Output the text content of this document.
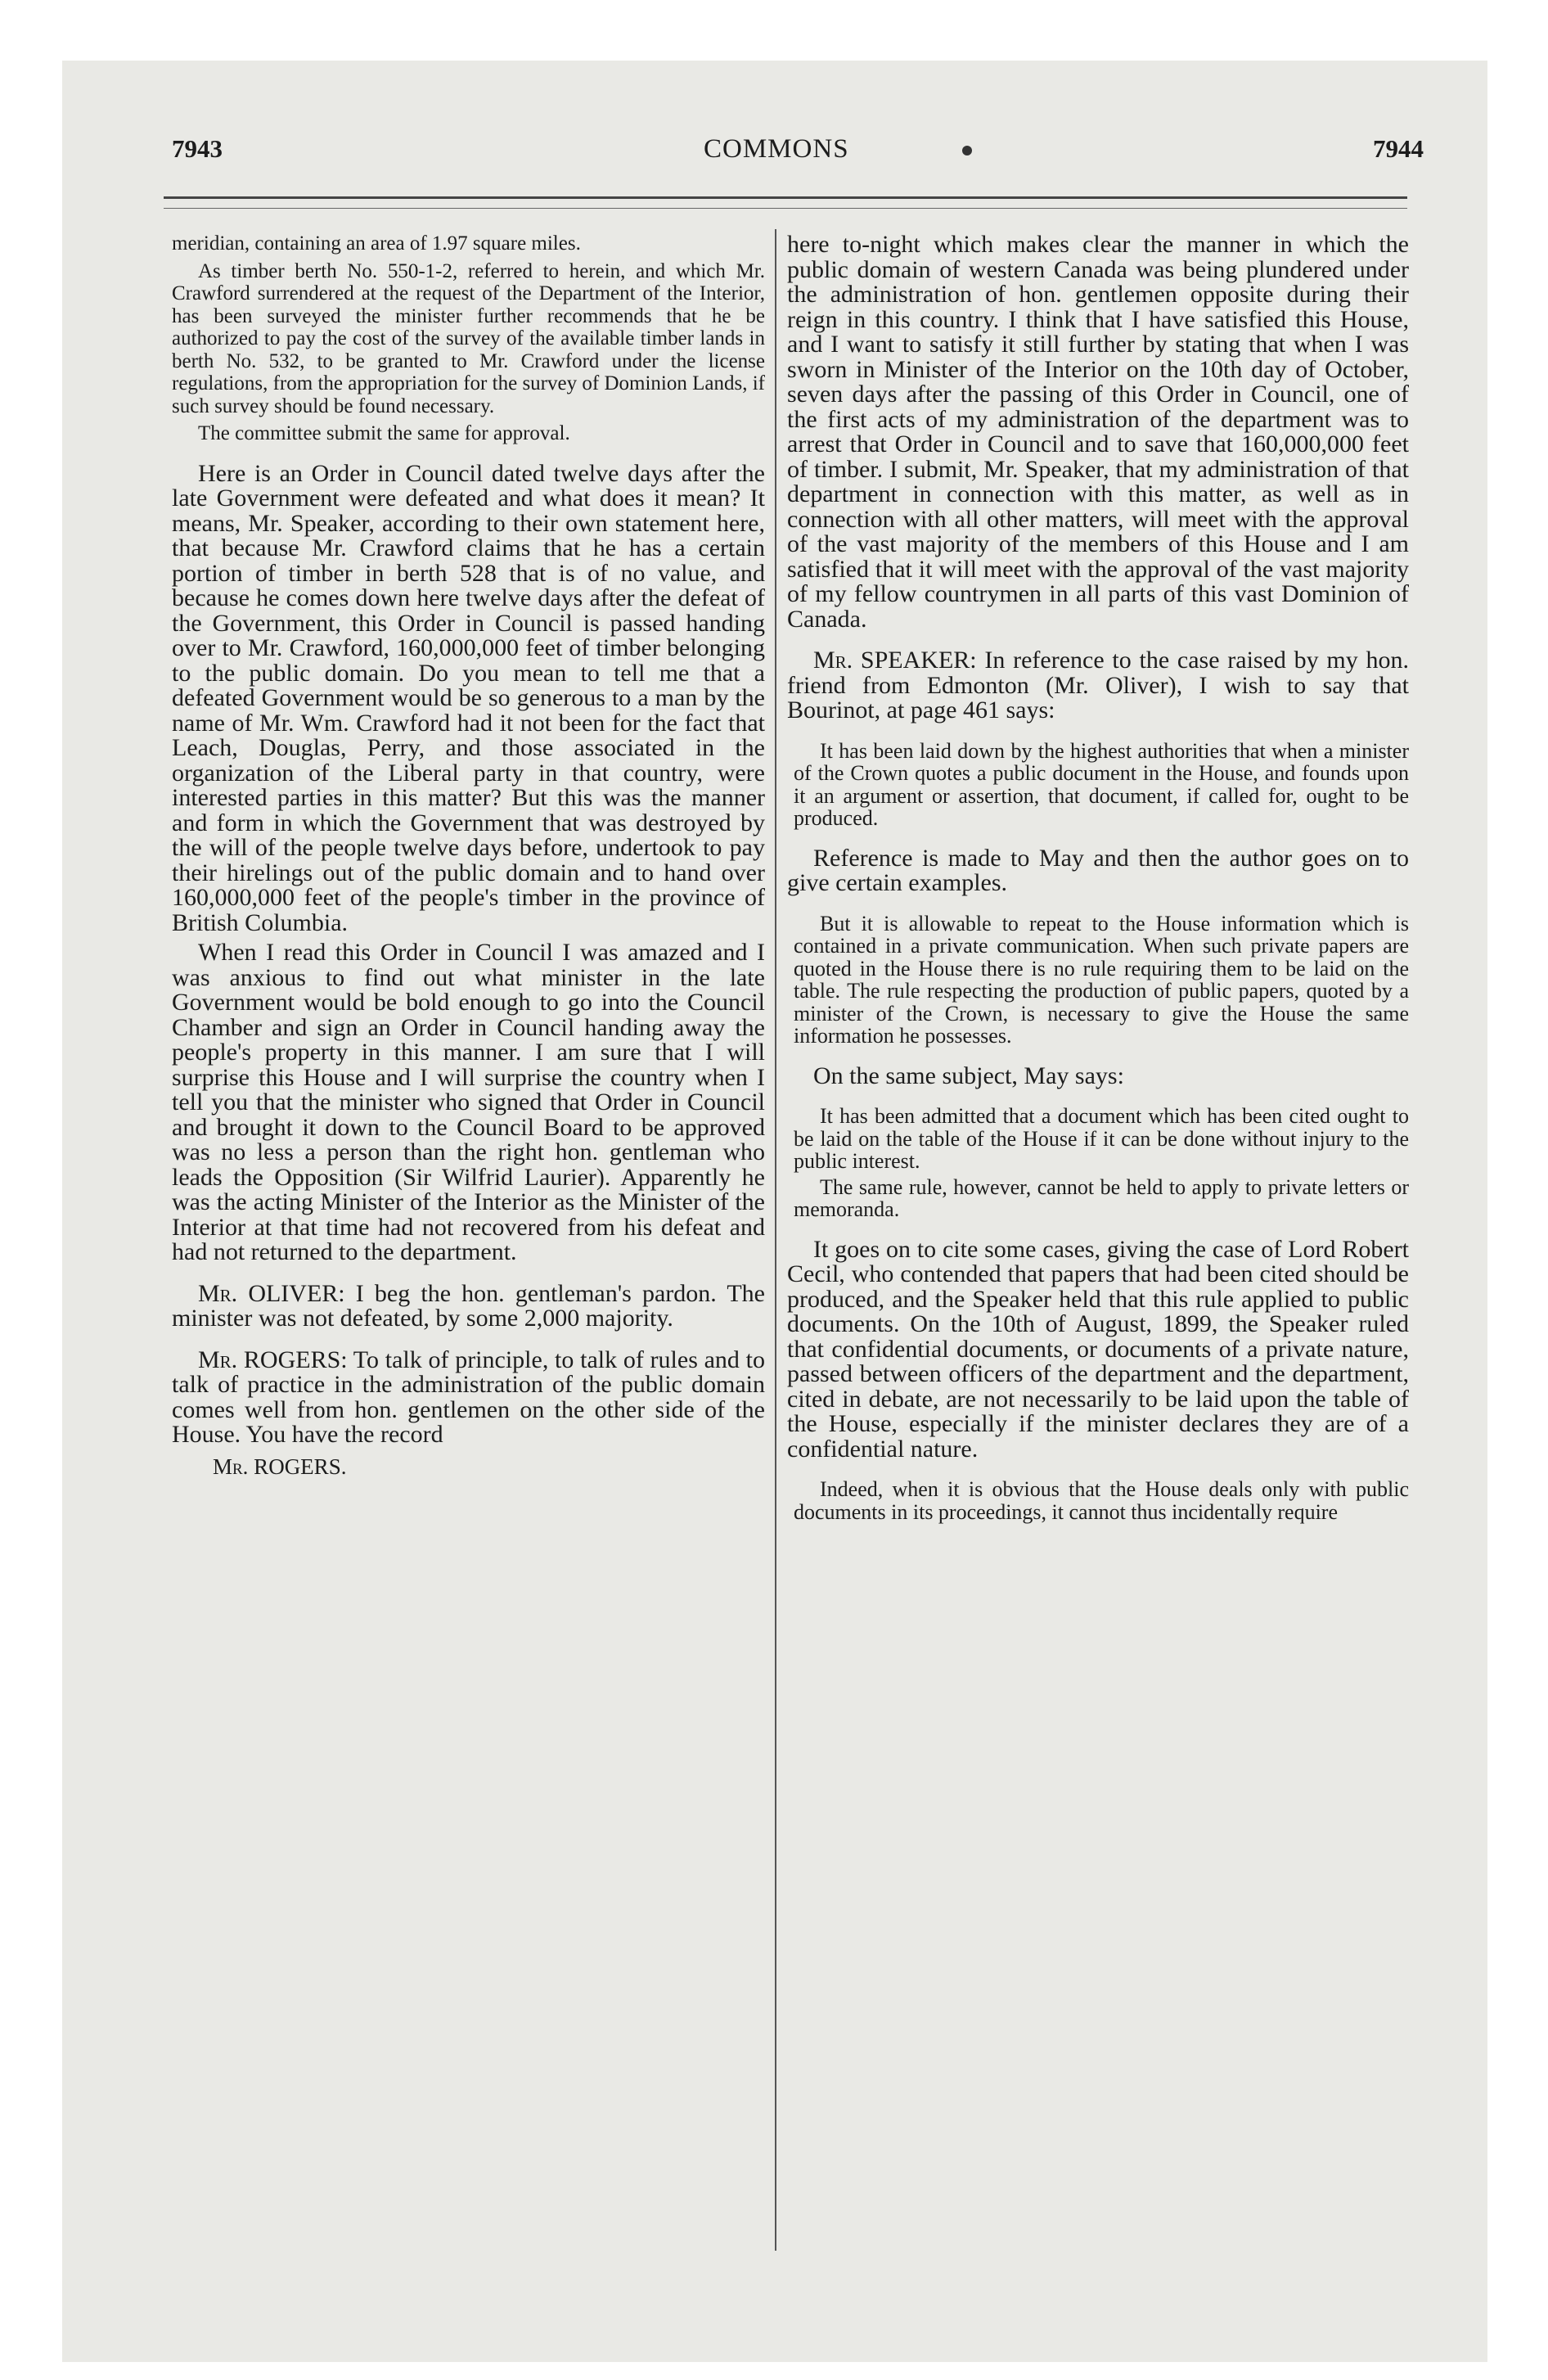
7943	COMMONS	7944

meridian, containing an area of 1.97 square miles.

As timber berth No. 550-1-2, referred to herein, and which Mr. Crawford surrendered at the request of the Department of the Interior, has been surveyed the minister further recommends that he be authorized to pay the cost of the survey of the available timber lands in berth No. 532, to be granted to Mr. Crawford under the license regulations, from the appropriation for the survey of Dominion Lands, if such survey should be found necessary.

The committee submit the same for approval.

Here is an Order in Council dated twelve days after the late Government were defeated and what does it mean? It means, Mr. Speaker, according to their own statement here, that because Mr. Crawford claims that he has a certain portion of timber in berth 528 that is of no value, and because he comes down here twelve days after the defeat of the Government, this Order in Council is passed handing over to Mr. Crawford, 160,000,000 feet of timber belonging to the public domain. Do you mean to tell me that a defeated Government would be so generous to a man by the name of Mr. Wm. Crawford had it not been for the fact that Leach, Douglas, Perry, and those associated in the organization of the Liberal party in that country, were interested parties in this matter? But this was the manner and form in which the Government that was destroyed by the will of the people twelve days before, undertook to pay their hirelings out of the public domain and to hand over 160,000,000 feet of the people's timber in the province of British Columbia.

When I read this Order in Council I was amazed and I was anxious to find out what minister in the late Government would be bold enough to go into the Council Chamber and sign an Order in Council handing away the people's property in this manner. I am sure that I will surprise this House and I will surprise the country when I tell you that the minister who signed that Order in Council and brought it down to the Council Board to be approved was no less a person than the right hon. gentleman who leads the Opposition (Sir Wilfrid Laurier). Apparently he was the acting Minister of the Interior as the Minister of the Interior at that time had not recovered from his defeat and had not returned to the department.

Mr. OLIVER: I beg the hon. gentleman's pardon. The minister was not defeated, by some 2,000 majority.

Mr. ROGERS: To talk of principle, to talk of rules and to talk of practice in the administration of the public domain comes well from hon. gentlemen on the other side of the House. You have the record

Mr. ROGERS.

here to-night which makes clear the manner in which the public domain of western Canada was being plundered under the administration of hon. gentlemen opposite during their reign in this country. I think that I have satisfied this House, and I want to satisfy it still further by stating that when I was sworn in Minister of the Interior on the 10th day of October, seven days after the passing of this Order in Council, one of the first acts of my administration of the department was to arrest that Order in Council and to save that 160,000,000 feet of timber. I submit, Mr. Speaker, that my administration of that department in connection with this matter, as well as in connection with all other matters, will meet with the approval of the vast majority of the members of this House and I am satisfied that it will meet with the approval of the vast majority of my fellow countrymen in all parts of this vast Dominion of Canada.

Mr. SPEAKER: In reference to the case raised by my hon. friend from Edmonton (Mr. Oliver), I wish to say that Bourinot, at page 461 says:

It has been laid down by the highest authorities that when a minister of the Crown quotes a public document in the House, and founds upon it an argument or assertion, that document, if called for, ought to be produced.

Reference is made to May and then the author goes on to give certain examples.

But it is allowable to repeat to the House information which is contained in a private communication. When such private papers are quoted in the House there is no rule requiring them to be laid on the table. The rule respecting the production of public papers, quoted by a minister of the Crown, is necessary to give the House the same information he possesses.

On the same subject, May says:

It has been admitted that a document which has been cited ought to be laid on the table of the House if it can be done without injury to the public interest.

The same rule, however, cannot be held to apply to private letters or memoranda.

It goes on to cite some cases, giving the case of Lord Robert Cecil, who contended that papers that had been cited should be produced, and the Speaker held that this rule applied to public documents. On the 10th of August, 1899, the Speaker ruled that confidential documents, or documents of a private nature, passed between officers of the department and the department, cited in debate, are not necessarily to be laid upon the table of the House, especially if the minister declares they are of a confidential nature.

Indeed, when it is obvious that the House deals only with public documents in its proceedings, it cannot thus incidentally require
